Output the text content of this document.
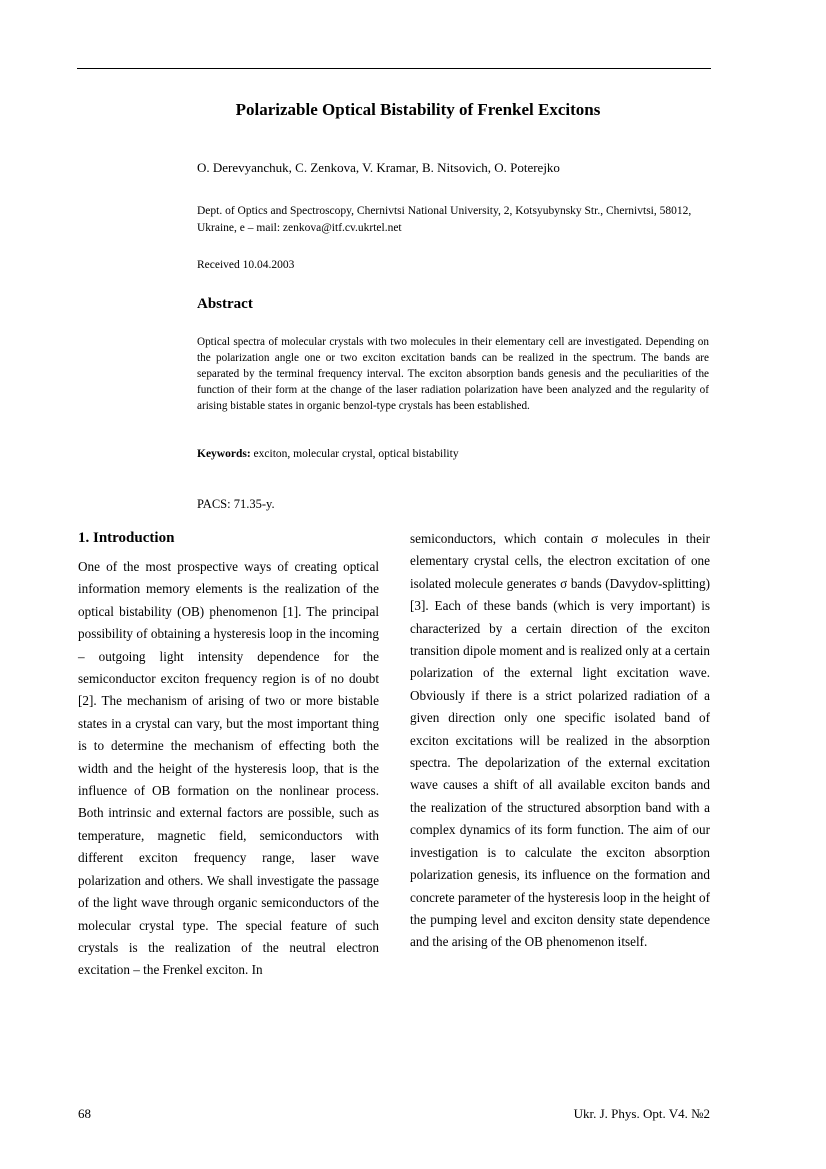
Polarizable Optical Bistability of Frenkel Excitons
O. Derevyanchuk, C. Zenkova, V. Kramar, B. Nitsovich, O. Poterejko
Dept. of Optics and Spectroscopy, Chernivtsi National University, 2, Kotsyubynsky Str., Chernivtsi, 58012, Ukraine, e – mail: zenkova@itf.cv.ukrtel.net
Received 10.04.2003
Abstract
Optical spectra of molecular crystals with two molecules in their elementary cell are investigated. Depending on the polarization angle one or two exciton excitation bands can be realized in the spectrum. The bands are separated by the terminal frequency interval. The exciton absorption bands genesis and the peculiarities of the function of their form at the change of the laser radiation polarization have been analyzed and the regularity of arising bistable states in organic benzol-type crystals has been established.
Keywords: exciton, molecular crystal, optical bistability
PACS: 71.35-y.
1. Introduction

One of the most prospective ways of creating optical information memory elements is the realization of the optical bistability (OB) phenomenon [1]. The principal possibility of obtaining a hysteresis loop in the incoming – outgoing light intensity dependence for the semiconductor exciton frequency region is of no doubt [2]. The mechanism of arising of two or more bistable states in a crystal can vary, but the most important thing is to determine the mechanism of effecting both the width and the height of the hysteresis loop, that is the influence of OB formation on the nonlinear process. Both intrinsic and external factors are possible, such as temperature, magnetic field, semiconductors with different exciton frequency range, laser wave polarization and others. We shall investigate the passage of the light wave through organic semiconductors of the molecular crystal type. The special feature of such crystals is the realization of the neutral electron excitation – the Frenkel exciton. In

semiconductors, which contain σ molecules in their elementary crystal cells, the electron excitation of one isolated molecule generates σ bands (Davydov-splitting) [3]. Each of these bands (which is very important) is characterized by a certain direction of the exciton transition dipole moment and is realized only at a certain polarization of the external light excitation wave. Obviously if there is a strict polarized radiation of a given direction only one specific isolated band of exciton excitations will be realized in the absorption spectra. The depolarization of the external excitation wave causes a shift of all available exciton bands and the realization of the structured absorption band with a complex dynamics of its form function. The aim of our investigation is to calculate the exciton absorption polarization genesis, its influence on the formation and concrete parameter of the hysteresis loop in the height of the pumping level and exciton density state dependence and the arising of the OB phenomenon itself.

68	Ukr. J. Phys. Opt. V4. №2
